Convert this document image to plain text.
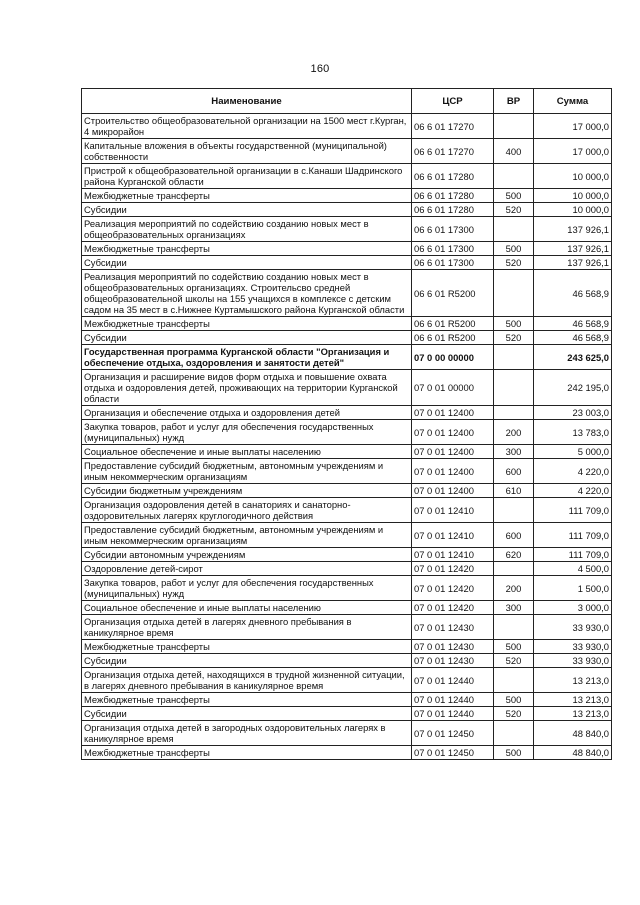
160
Наименование	ЦСР	ВР	Сумма
Строительство общеобразовательной организации на 1500 мест г.Курган, 4 микрорайон	06 6 01 17270		17 000,0
Капитальные вложения в объекты государственной (муниципальной) собственности	06 6 01 17270	400	17 000,0
Пристрой к общеобразовательной организации в с.Канаши Шадринского района Курганской области	06 6 01 17280		10 000,0
Межбюджетные трансферты	06 6 01 17280	500	10 000,0
Субсидии	06 6 01 17280	520	10 000,0
Реализация мероприятий по содействию созданию новых мест в общеобразовательных организациях	06 6 01 17300		137 926,1
Межбюджетные трансферты	06 6 01 17300	500	137 926,1
Субсидии	06 6 01 17300	520	137 926,1
Реализация мероприятий по содействию созданию новых мест в общеобразовательных организациях. Строительсво средней общеобразовательной школы на 155 учащихся в комплексе с детским садом на 35 мест в с.Нижнее Куртамышского района Курганской области	06 6 01 R5200		46 568,9
Межбюджетные трансферты	06 6 01 R5200	500	46 568,9
Субсидии	06 6 01 R5200	520	46 568,9
Государственная программа Курганской области "Организация и обеспечение отдыха, оздоровления и занятости детей"	07 0 00 00000		243 625,0
Организация и расширение видов форм отдыха и повышение охвата отдыха и оздоровления детей, проживающих на территории Курганской области	07 0 01 00000		242 195,0
Организация и обеспечение отдыха и оздоровления детей	07 0 01 12400		23 003,0
Закупка товаров, работ и услуг для обеспечения государственных (муниципальных) нужд	07 0 01 12400	200	13 783,0
Социальное обеспечение и иные выплаты населению	07 0 01 12400	300	5 000,0
Предоставление субсидий бюджетным, автономным учреждениям и иным некоммерческим организациям	07 0 01 12400	600	4 220,0
Субсидии бюджетным учреждениям	07 0 01 12400	610	4 220,0
Организация оздоровления детей в санаториях и санаторно-оздоровительных лагерях круглогодичного действия	07 0 01 12410		111 709,0
Предоставление субсидий бюджетным, автономным учреждениям и иным некоммерческим организациям	07 0 01 12410	600	111 709,0
Субсидии автономным учреждениям	07 0 01 12410	620	111 709,0
Оздоровление детей-сирот	07 0 01 12420		4 500,0
Закупка товаров, работ и услуг для обеспечения государственных (муниципальных) нужд	07 0 01 12420	200	1 500,0
Социальное обеспечение и иные выплаты населению	07 0 01 12420	300	3 000,0
Организация отдыха детей в лагерях дневного пребывания в каникулярное время	07 0 01 12430		33 930,0
Межбюджетные трансферты	07 0 01 12430	500	33 930,0
Субсидии	07 0 01 12430	520	33 930,0
Организация отдыха детей, находящихся в трудной жизненной ситуации, в лагерях дневного пребывания в каникулярное время	07 0 01 12440		13 213,0
Межбюджетные трансферты	07 0 01 12440	500	13 213,0
Субсидии	07 0 01 12440	520	13 213,0
Организация отдыха детей в загородных оздоровительных лагерях в каникулярное время	07 0 01 12450		48 840,0
Межбюджетные трансферты	07 0 01 12450	500	48 840,0
